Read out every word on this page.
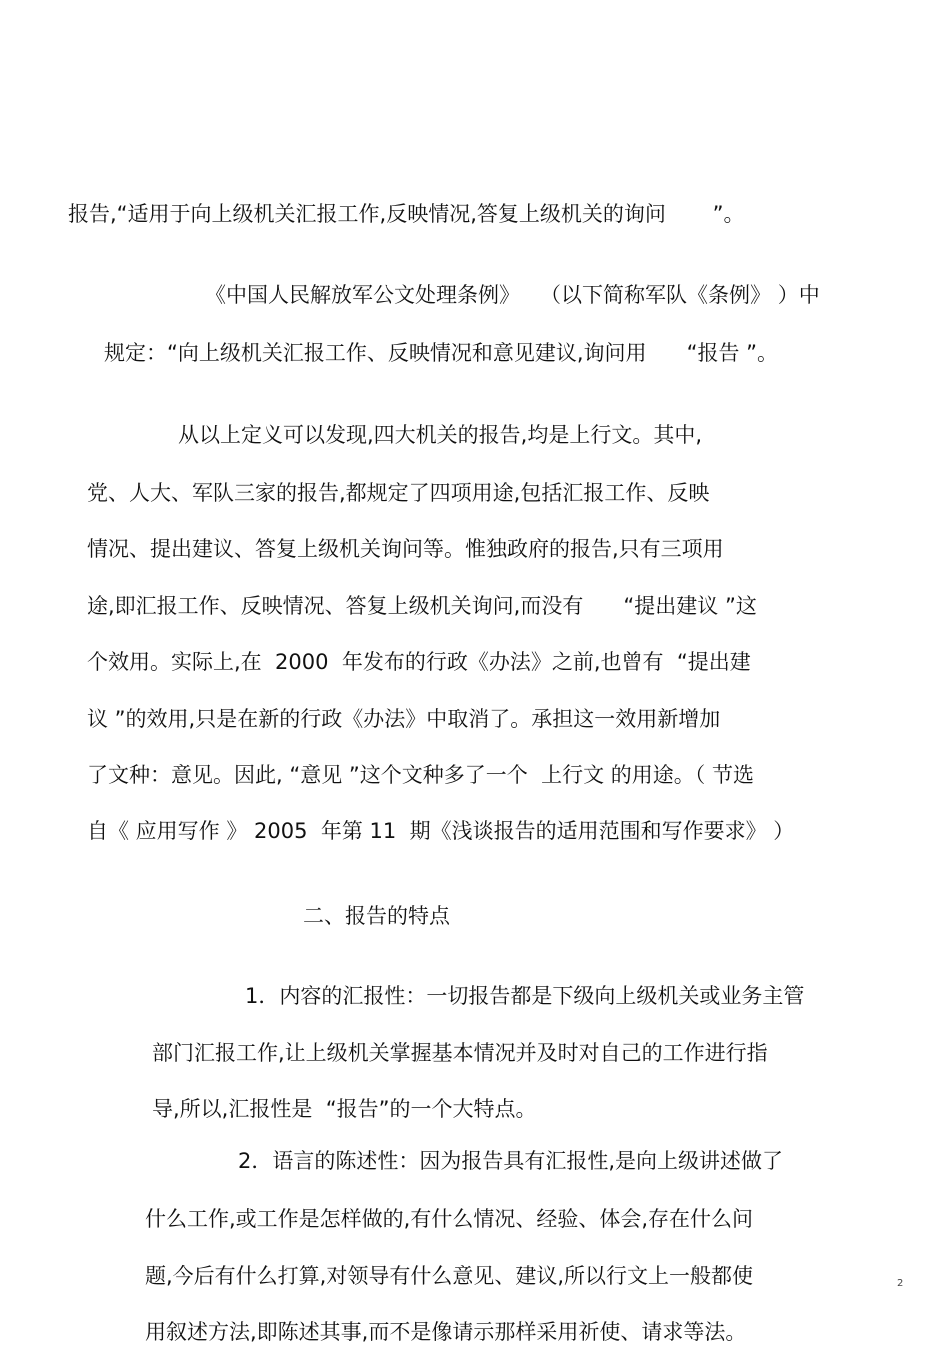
报告,“适用于向上级机关汇报工作,反映情况,答复上级机关的询问       ”。
《中国人民解放军公文处理条例》   （以下简称军队《条例》 ）中
规定：“向上级机关汇报工作、反映情况和意见建议,询问用      “报告 ”。
从以上定义可以发现,四大机关的报告,均是上行文。其中,
党、人大、军队三家的报告,都规定了四项用途,包括汇报工作、反映
情况、提出建议、答复上级机关询问等。惟独政府的报告,只有三项用
途,即汇报工作、反映情况、答复上级机关询问,而没有      “提出建议 ”这
个效用。实际上,在  2000  年发布的行政《办法》之前,也曾有  “提出建
议 ”的效用,只是在新的行政《办法》中取消了。承担这一效用新增加
了文种：意见。因此, “意见 ”这个文种多了一个  上行文 的用途。（ 节选
自《 应用写作 》 2005  年第 11  期《浅谈报告的适用范围和写作要求》 ）
二、报告的特点
1．内容的汇报性：一切报告都是下级向上级机关或业务主管
部门汇报工作,让上级机关掌握基本情况并及时对自己的工作进行指
导,所以,汇报性是  “报告”的一个大特点。
2．语言的陈述性：因为报告具有汇报性,是向上级讲述做了
什么工作,或工作是怎样做的,有什么情况、经验、体会,存在什么问
题,今后有什么打算,对领导有什么意见、建议,所以行文上一般都使
用叙述方法,即陈述其事,而不是像请示那样采用祈使、请求等法。
2
